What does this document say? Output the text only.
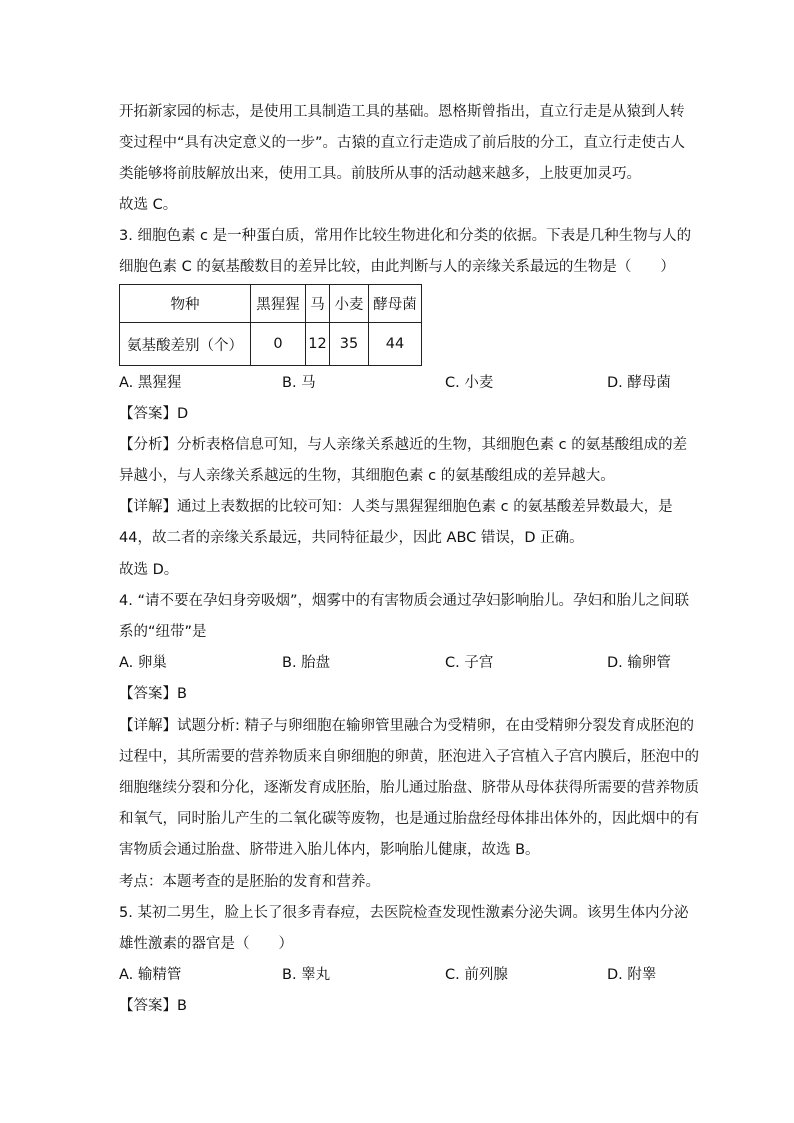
开拓新家园的标志，是使用工具制造工具的基础。恩格斯曾指出，直立行走是从猿到人转
变过程中“具有决定意义的一步”。古猿的直立行走造成了前后肢的分工，直立行走使古人
类能够将前肢解放出来，使用工具。前肢所从事的活动越来越多，上肢更加灵巧。
故选 C。
3. 细胞色素 c 是一种蛋白质，常用作比较生物进化和分类的依据。下表是几种生物与人的
细胞色素 C 的氨基酸数目的差异比较，由此判断与人的亲缘关系最远的生物是（　　）
物种	黑猩猩	马	小麦	酵母菌
氨基酸差别（个）	0	12	35	44
A. 黑猩猩	B. 马	C. 小麦	D. 酵母菌
【答案】D
【分析】分析表格信息可知，与人亲缘关系越近的生物，其细胞色素 c 的氨基酸组成的差
异越小，与人亲缘关系越远的生物，其细胞色素 c 的氨基酸组成的差异越大。
【详解】通过上表数据的比较可知：人类与黑猩猩细胞色素 c 的氨基酸差异数最大，是
44，故二者的亲缘关系最远，共同特征最少，因此 ABC 错误，D 正确。
故选 D。
4. “请不要在孕妇身旁吸烟”，烟雾中的有害物质会通过孕妇影响胎儿。孕妇和胎儿之间联
系的“纽带”是
A. 卵巢	B. 胎盘	C. 子宫	D. 输卵管
【答案】B
【详解】试题分析: 精子与卵细胞在输卵管里融合为受精卵，在由受精卵分裂发育成胚泡的
过程中，其所需要的营养物质来自卵细胞的卵黄，胚泡进入子宫植入子宫内膜后，胚泡中的
细胞继续分裂和分化，逐渐发育成胚胎，胎儿通过胎盘、脐带从母体获得所需要的营养物质
和氧气，同时胎儿产生的二氧化碳等废物，也是通过胎盘经母体排出体外的，因此烟中的有
害物质会通过胎盘、脐带进入胎儿体内，影响胎儿健康，故选 B。
考点：本题考查的是胚胎的发育和营养。
5. 某初二男生，脸上长了很多青春痘，去医院检查发现性激素分泌失调。该男生体内分泌
雄性激素的器官是（　　）
A. 输精管	B. 睾丸	C. 前列腺	D. 附睾
【答案】B
